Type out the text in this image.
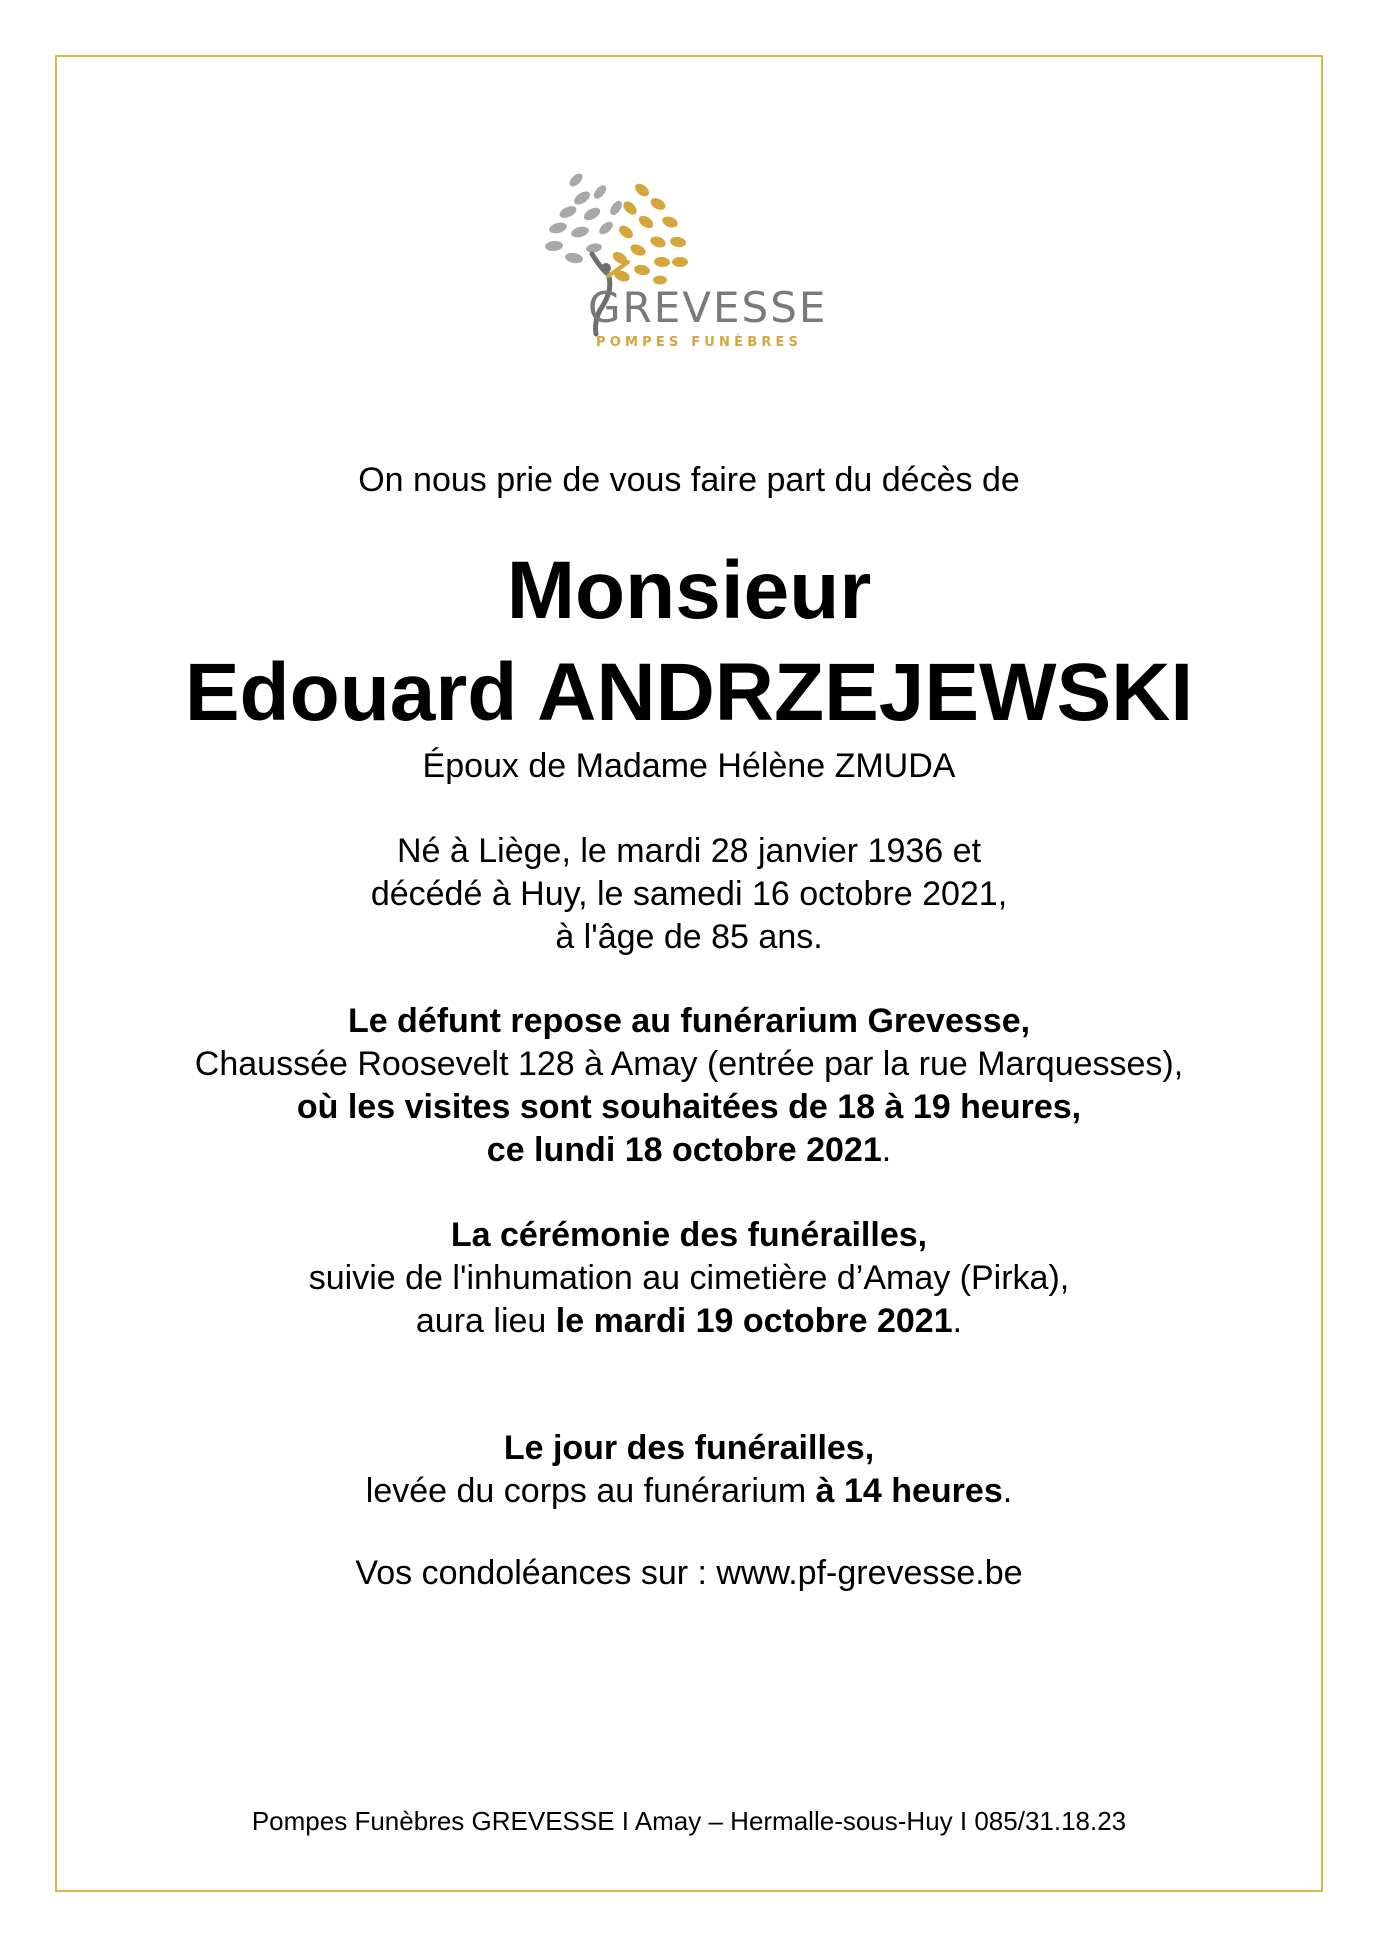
GREVESSE
POMPES FUNÈBRES
On nous prie de vous faire part du décès de
Monsieur
Edouard ANDRZEJEWSKI
Époux de Madame Hélène ZMUDA
Né à Liège, le mardi 28 janvier 1936 et
décédé à Huy, le samedi 16 octobre 2021,
à l'âge de 85 ans.
Le défunt repose au funérarium Grevesse,
Chaussée Roosevelt 128 à Amay (entrée par la rue Marquesses),
où les visites sont souhaitées de 18 à 19 heures,
ce lundi 18 octobre 2021.
La cérémonie des funérailles,
suivie de l'inhumation au cimetière d’Amay (Pirka),
aura lieu le mardi 19 octobre 2021.
Le jour des funérailles,
levée du corps au funérarium à 14 heures.
Vos condoléances sur : www.pf-grevesse.be
Pompes Funèbres GREVESSE I Amay – Hermalle-sous-Huy I 085/31.18.23
